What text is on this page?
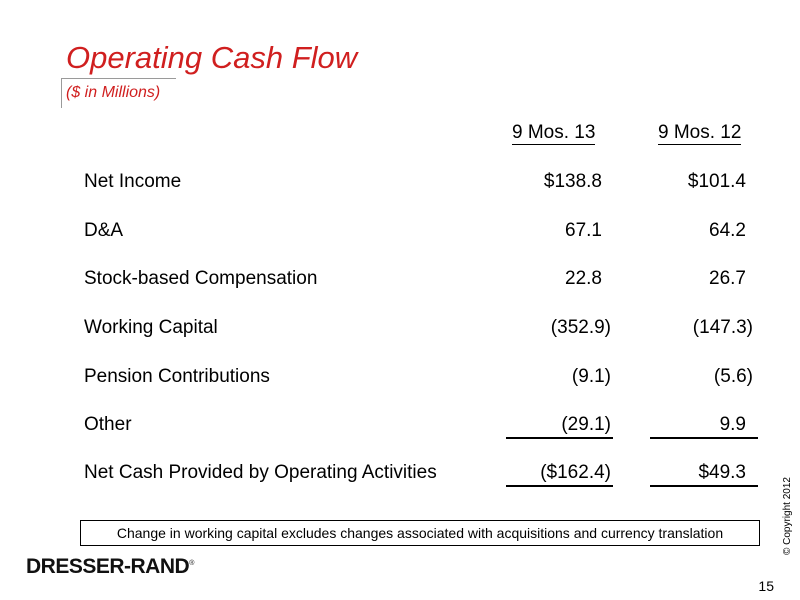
Operating Cash Flow
($ in Millions)
9 Mos. 13	9 Mos. 12
Net Income	$138.8	$101.4
D&A	67.1	64.2
Stock-based Compensation	22.8	26.7
Working Capital	(352.9)	(147.3)
Pension Contributions	(9.1)	(5.6)
Other	(29.1)	9.9
Net Cash Provided by Operating Activities	($162.4)	$49.3
Change in working capital excludes changes associated with acquisitions and currency translation
DRESSER-RAND®
© Copyright 2012
15
